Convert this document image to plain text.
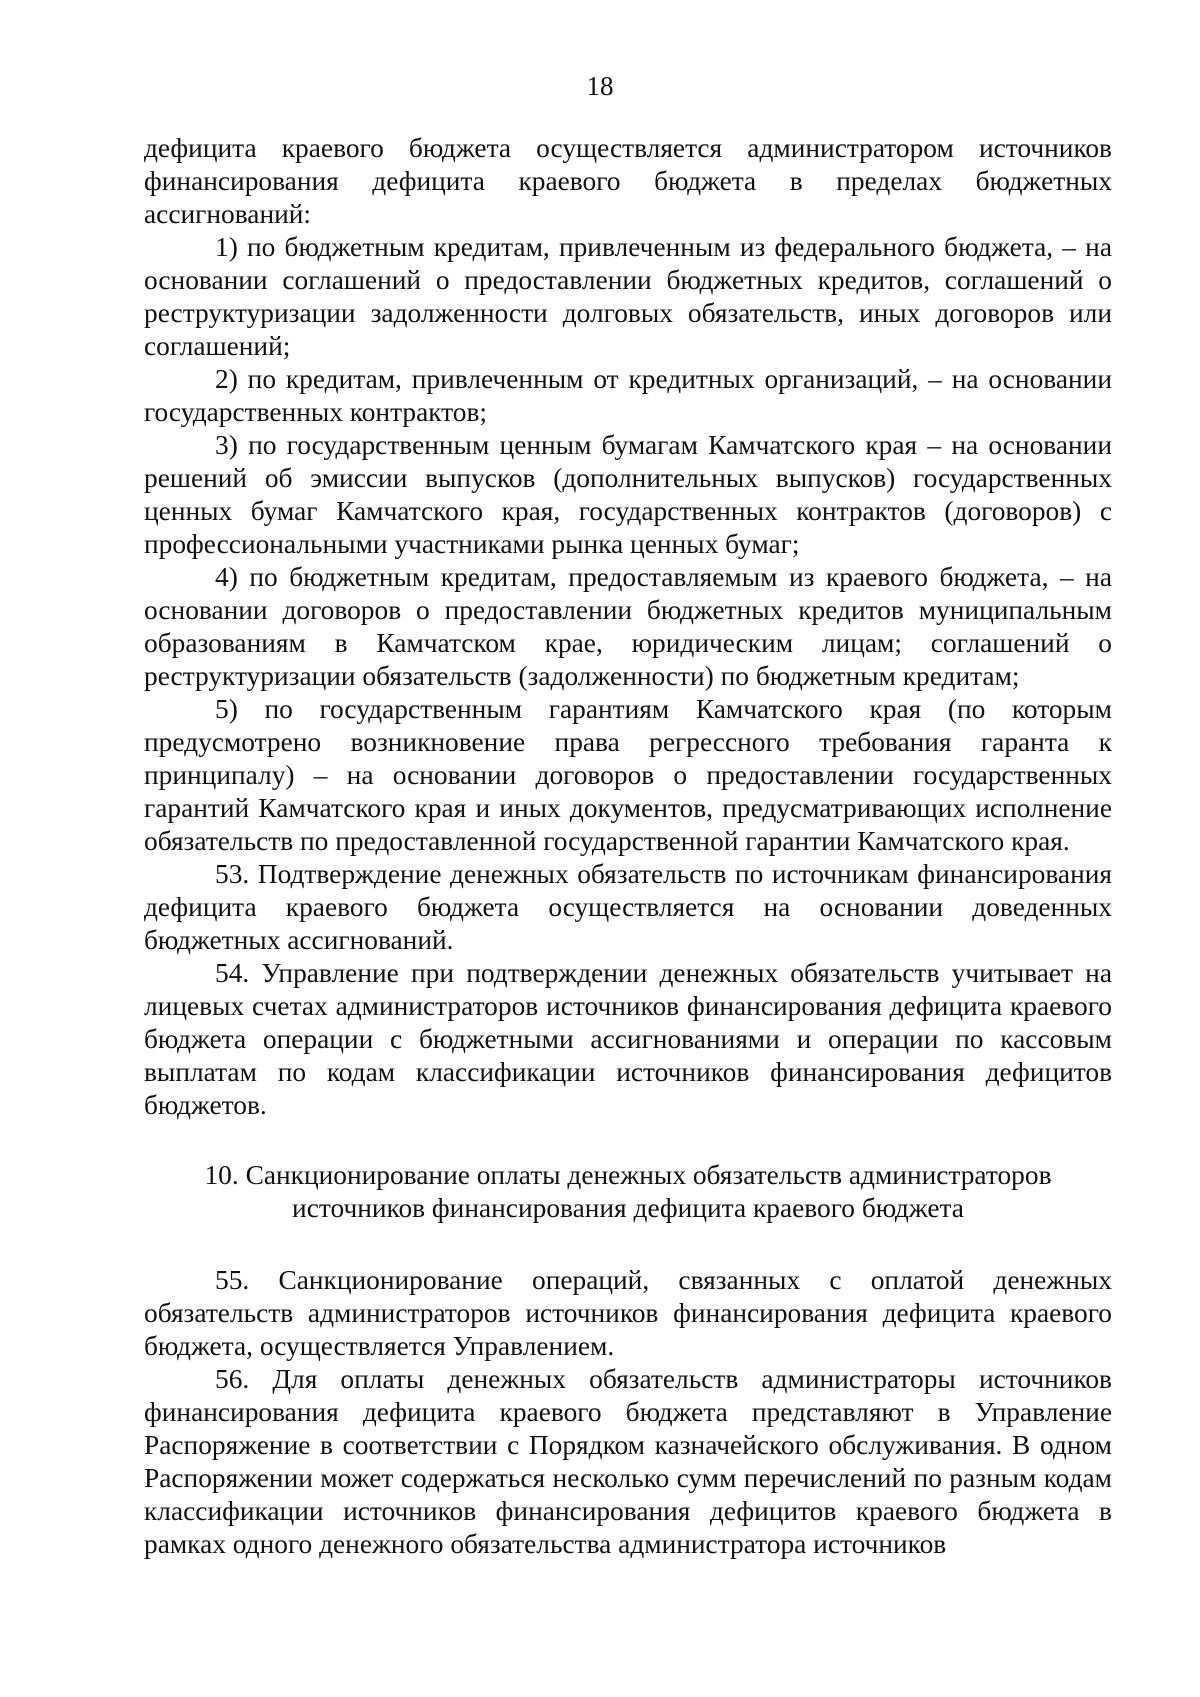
18

дефицита краевого бюджета осуществляется администратором источников финансирования дефицита краевого бюджета в пределах бюджетных ассигнований:

1) по бюджетным кредитам, привлеченным из федерального бюджета, – на основании соглашений о предоставлении бюджетных кредитов, соглашений о реструктуризации задолженности долговых обязательств, иных договоров или соглашений;

2) по кредитам, привлеченным от кредитных организаций, – на основании государственных контрактов;

3) по государственным ценным бумагам Камчатского края – на основании решений об эмиссии выпусков (дополнительных выпусков) государственных ценных бумаг Камчатского края, государственных контрактов (договоров) с профессиональными участниками рынка ценных бумаг;

4) по бюджетным кредитам, предоставляемым из краевого бюджета, – на основании договоров о предоставлении бюджетных кредитов муниципальным образованиям в Камчатском крае, юридическим лицам; соглашений о реструктуризации обязательств (задолженности) по бюджетным кредитам;

5) по государственным гарантиям Камчатского края (по которым предусмотрено возникновение права регрессного требования гаранта к принципалу) – на основании договоров о предоставлении государственных гарантий Камчатского края и иных документов, предусматривающих исполнение обязательств по предоставленной государственной гарантии Камчатского края.

53. Подтверждение денежных обязательств по источникам финансирования дефицита краевого бюджета осуществляется на основании доведенных бюджетных ассигнований.

54. Управление при подтверждении денежных обязательств учитывает на лицевых счетах администраторов источников финансирования дефицита краевого бюджета операции с бюджетными ассигнованиями и операции по кассовым выплатам по кодам классификации источников финансирования дефицитов бюджетов.

10. Санкционирование оплаты денежных обязательств администраторов
источников финансирования дефицита краевого бюджета

55. Санкционирование операций, связанных с оплатой денежных обязательств администраторов источников финансирования дефицита краевого бюджета, осуществляется Управлением.

56. Для оплаты денежных обязательств администраторы источников финансирования дефицита краевого бюджета представляют в Управление Распоряжение в соответствии с Порядком казначейского обслуживания. В одном Распоряжении может содержаться несколько сумм перечислений по разным кодам классификации источников финансирования дефицитов краевого бюджета в рамках одного денежного обязательства администратора источников
